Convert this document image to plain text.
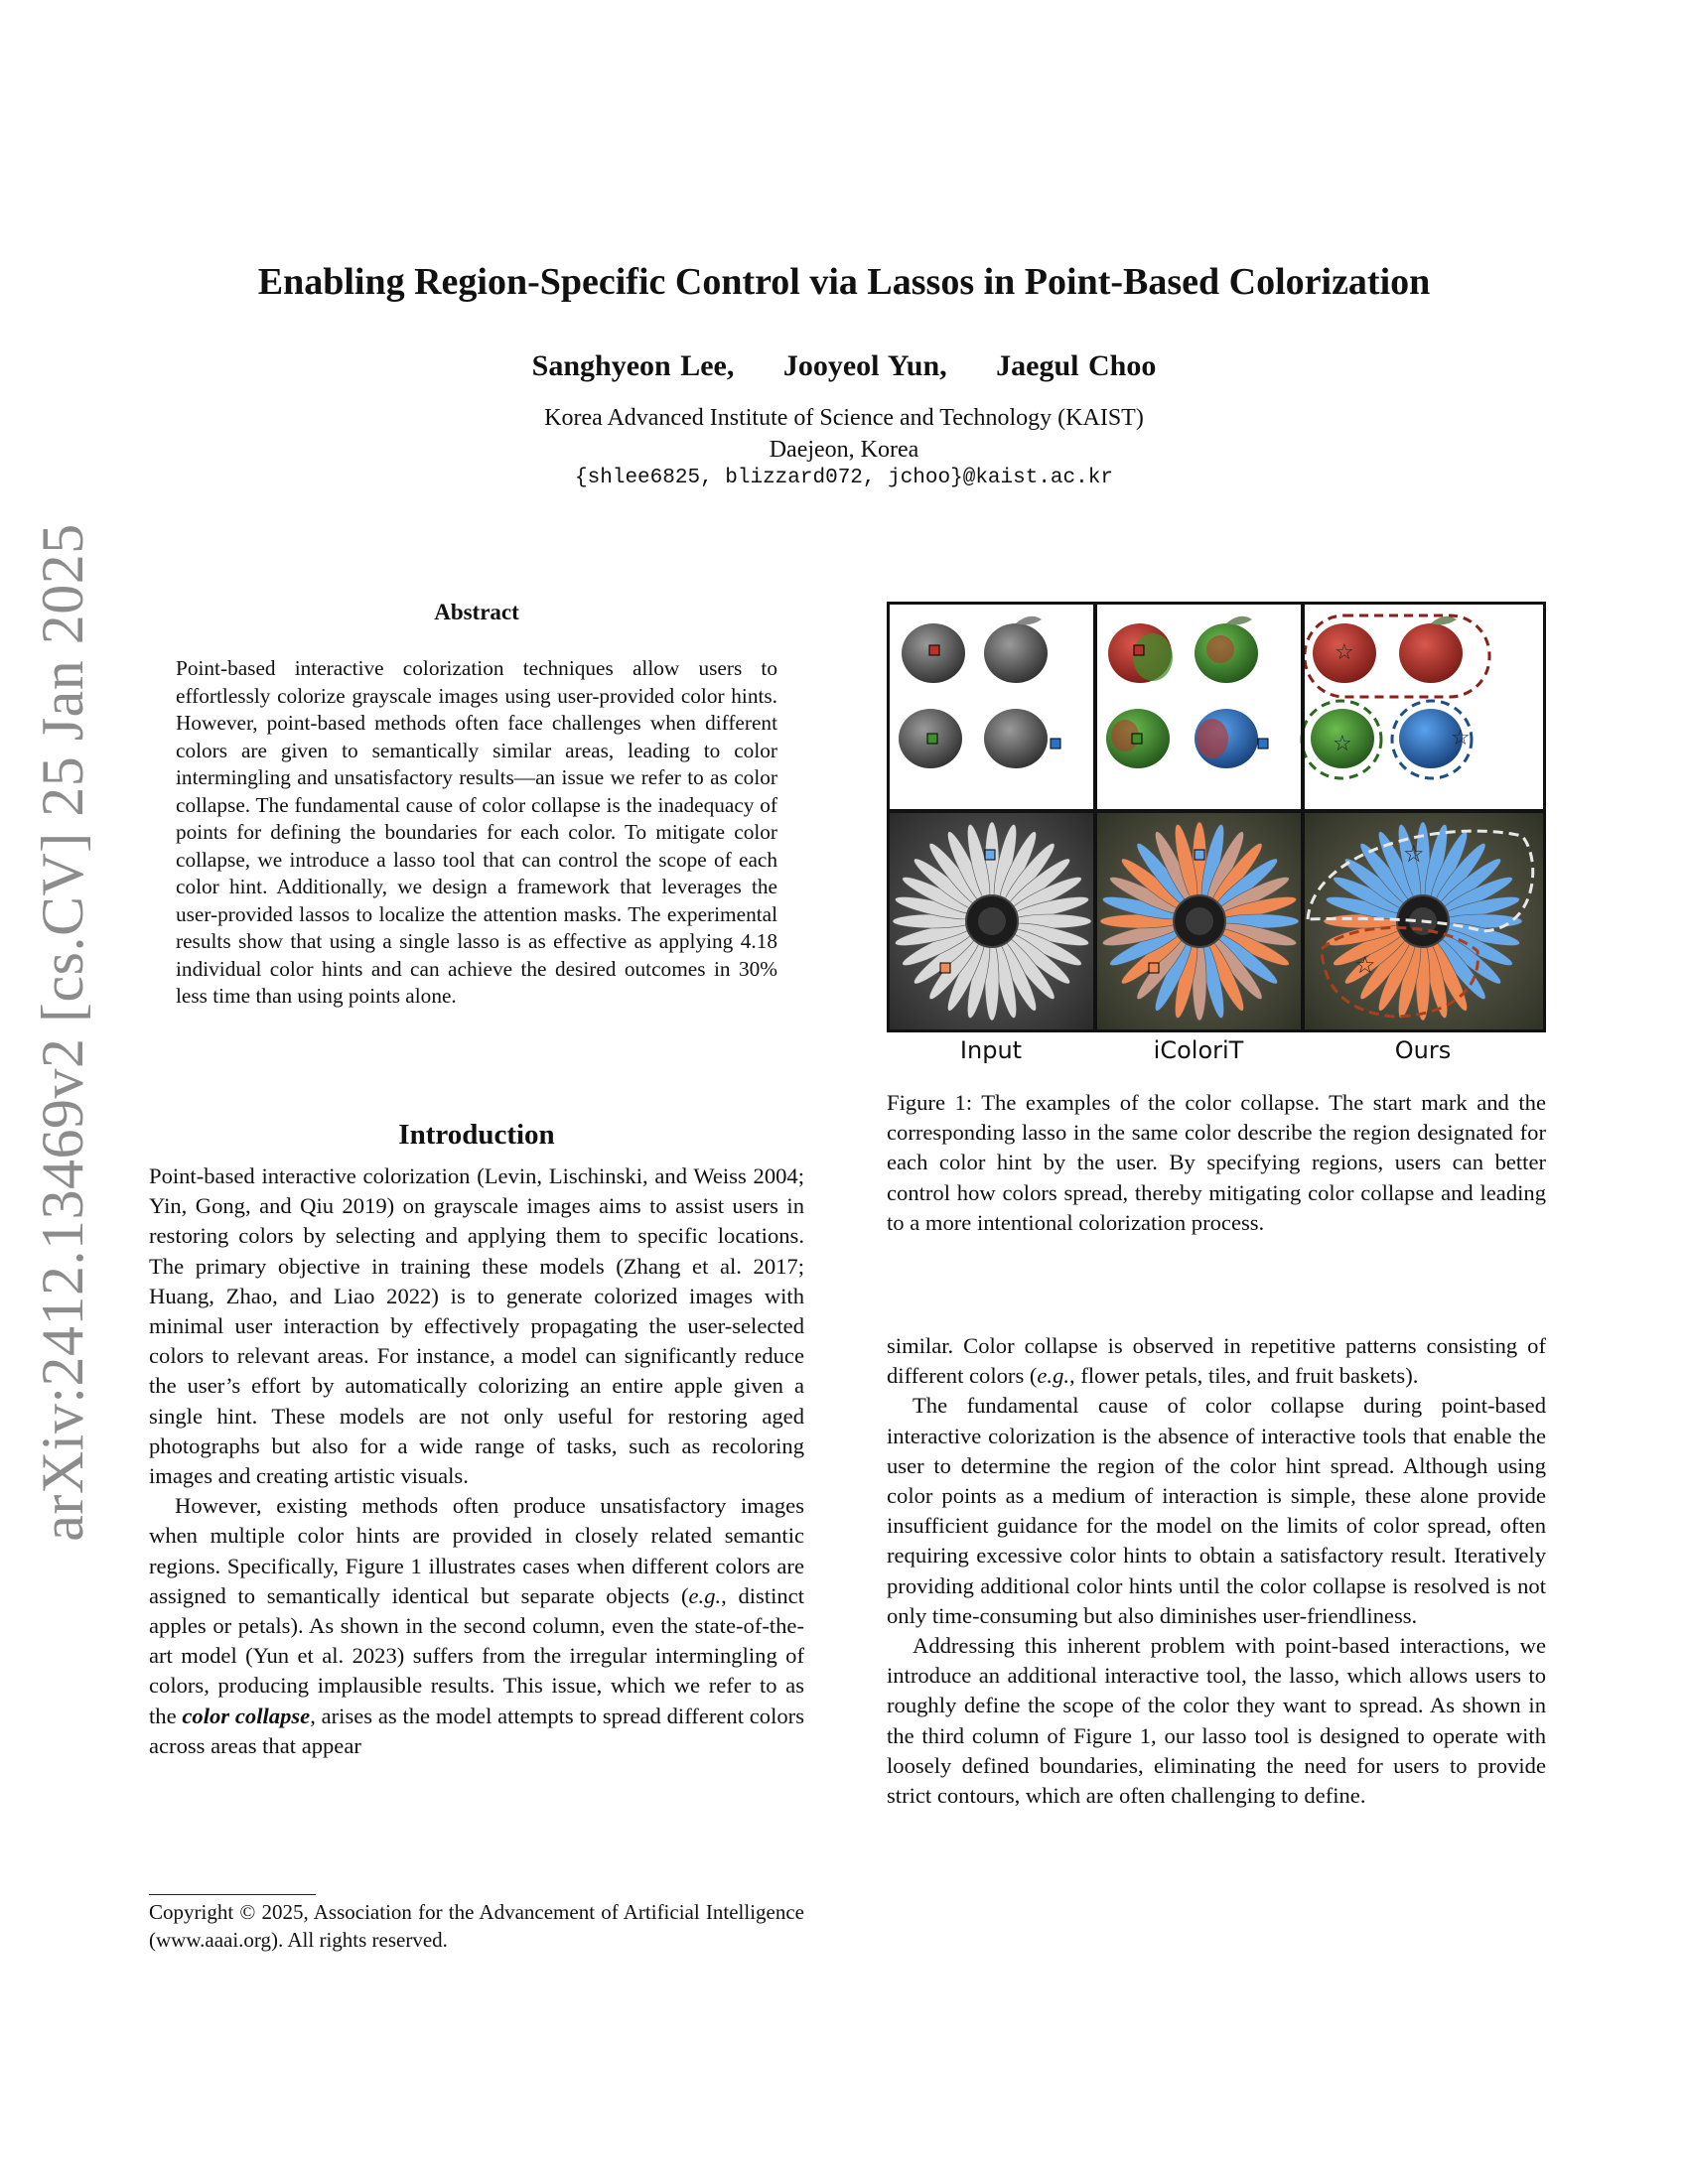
arXiv:2412.13469v2 [cs.CV] 25 Jan 2025
Enabling Region-Specific Control via Lassos in Point-Based Colorization
Sanghyeon Lee, Jooyeol Yun, Jaegul Choo
Korea Advanced Institute of Science and Technology (KAIST)
Daejeon, Korea
{shlee6825, blizzard072, jchoo}@kaist.ac.kr
Abstract
Point-based interactive colorization techniques allow users to effortlessly colorize grayscale images using user-provided color hints. However, point-based methods often face challenges when different colors are given to semantically similar areas, leading to color intermingling and unsatisfactory results—an issue we refer to as color collapse. The fundamental cause of color collapse is the inadequacy of points for defining the boundaries for each color. To mitigate color collapse, we introduce a lasso tool that can control the scope of each color hint. Additionally, we design a framework that leverages the user-provided lassos to localize the attention masks. The experimental results show that using a single lasso is as effective as applying 4.18 individual color hints and can achieve the desired outcomes in 30% less time than using points alone.
Introduction

Point-based interactive colorization (Levin, Lischinski, and Weiss 2004; Yin, Gong, and Qiu 2019) on grayscale images aims to assist users in restoring colors by selecting and applying them to specific locations. The primary objective in training these models (Zhang et al. 2017; Huang, Zhao, and Liao 2022) is to generate colorized images with minimal user interaction by effectively propagating the user-selected colors to relevant areas. For instance, a model can significantly reduce the user’s effort by automatically colorizing an entire apple given a single hint. These models are not only useful for restoring aged photographs but also for a wide range of tasks, such as recoloring images and creating artistic visuals.

However, existing methods often produce unsatisfactory images when multiple color hints are provided in closely related semantic regions. Specifically, Figure 1 illustrates cases when different colors are assigned to semantically identical but separate objects (e.g., distinct apples or petals). As shown in the second column, even the state-of-the-art model (Yun et al. 2023) suffers from the irregular intermingling of colors, producing implausible results. This issue, which we refer to as the color collapse, arises as the model attempts to spread different colors across areas that appear

Copyright © 2025, Association for the Advancement of Artificial Intelligence (www.aaai.org). All rights reserved.
☆
☆	☆
☆
☆
Input	iColoriT	Ours
Figure 1: The examples of the color collapse. The start mark and the corresponding lasso in the same color describe the region designated for each color hint by the user. By specifying regions, users can better control how colors spread, thereby mitigating color collapse and leading to a more intentional colorization process.

similar. Color collapse is observed in repetitive patterns consisting of different colors (e.g., flower petals, tiles, and fruit baskets).

The fundamental cause of color collapse during point-based interactive colorization is the absence of interactive tools that enable the user to determine the region of the color hint spread. Although using color points as a medium of interaction is simple, these alone provide insufficient guidance for the model on the limits of color spread, often requiring excessive color hints to obtain a satisfactory result. Iteratively providing additional color hints until the color collapse is resolved is not only time-consuming but also diminishes user-friendliness.

Addressing this inherent problem with point-based interactions, we introduce an additional interactive tool, the lasso, which allows users to roughly define the scope of the color they want to spread. As shown in the third column of Figure 1, our lasso tool is designed to operate with loosely defined boundaries, eliminating the need for users to provide strict contours, which are often challenging to define.
